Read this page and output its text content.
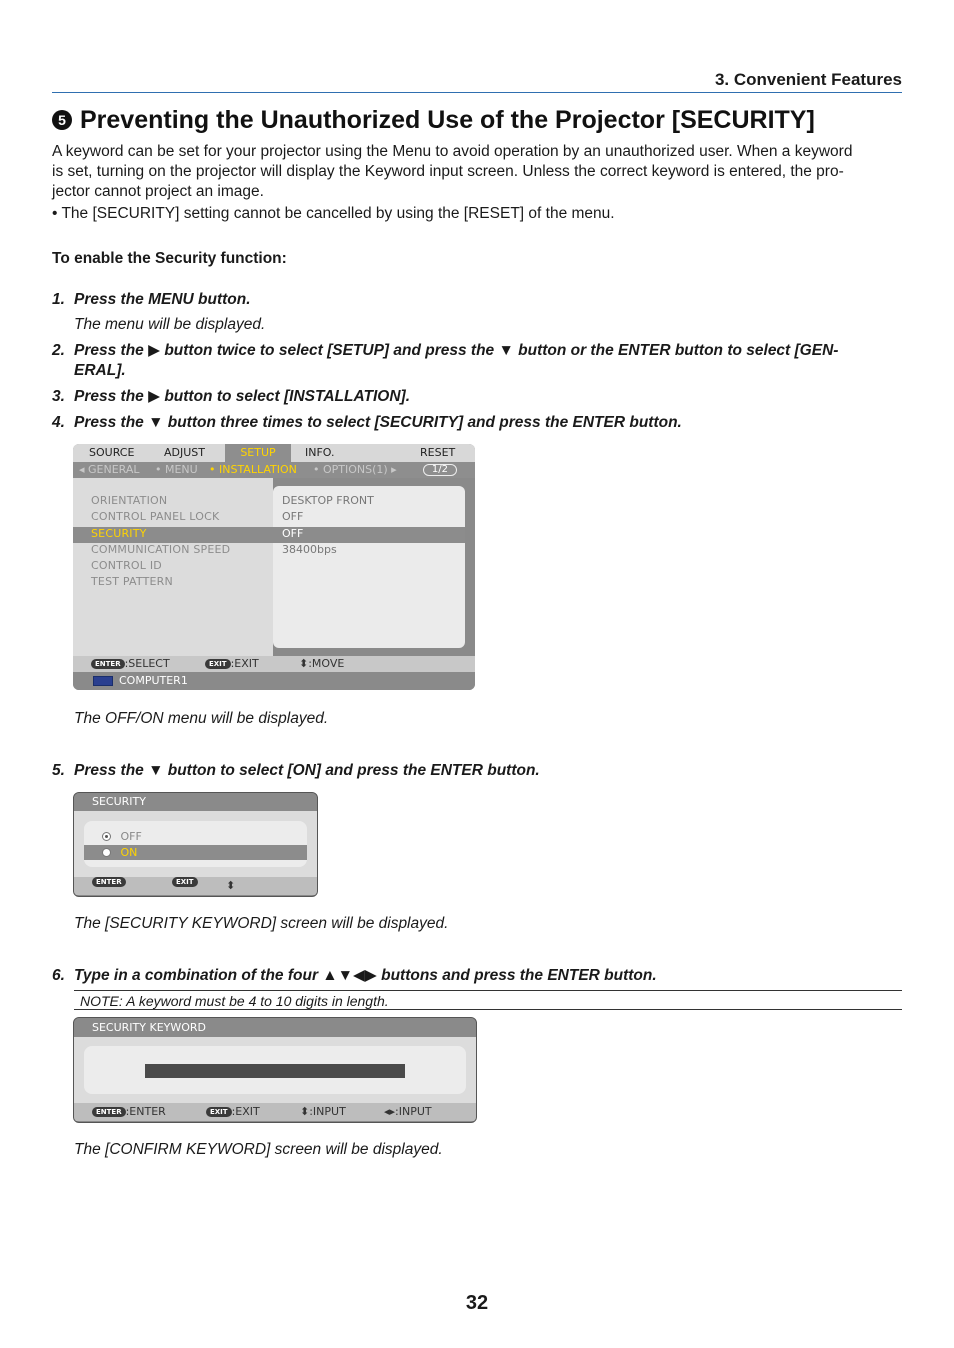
3. Convenient Features
5 Preventing the Unauthorized Use of the Projector [SECURITY]
A keyword can be set for your projector using the Menu to avoid operation by an unauthorized user. When a keyword
is set, turning on the projector will display the Keyword input screen. Unless the correct keyword is entered, the pro-
jector cannot project an image.
• The [SECURITY] setting cannot be cancelled by using the [RESET] of the menu.
To enable the Security function:
1. Press the MENU button.
The menu will be displayed.
2. Press the ▶ button twice to select [SETUP] and press the ▼ button or the ENTER button to select [GEN-
ERAL].
3. Press the ▶ button to select [INSTALLATION].
4. Press the ▼ button three times to select [SECURITY] and press the ENTER button.
SOURCE	ADJUST	SETUP	INFO.	RESET
◂ GENERAL • MENU • INSTALLATION • OPTIONS(1) ▸	1/2
ORIENTATION	DESKTOP FRONT
CONTROL PANEL LOCK	OFF
SECURITY	OFF
COMMUNICATION SPEED	38400bps
CONTROL ID
TEST PATTERN
ENTER :SELECT	EXIT :EXIT	⬍:MOVE
COMPUTER1
The OFF/ON menu will be displayed.
5. Press the ▼ button to select [ON] and press the ENTER button.
SECURITY
OFF
ON
ENTER	EXIT	⬍
The [SECURITY KEYWORD] screen will be displayed.
6. Type in a combination of the four ▲▼◀▶ buttons and press the ENTER button.
NOTE: A keyword must be 4 to 10 digits in length.
SECURITY KEYWORD
ENTER :ENTER	EXIT :EXIT	⬍:INPUT	◂▸:INPUT
The [CONFIRM KEYWORD] screen will be displayed.
32
